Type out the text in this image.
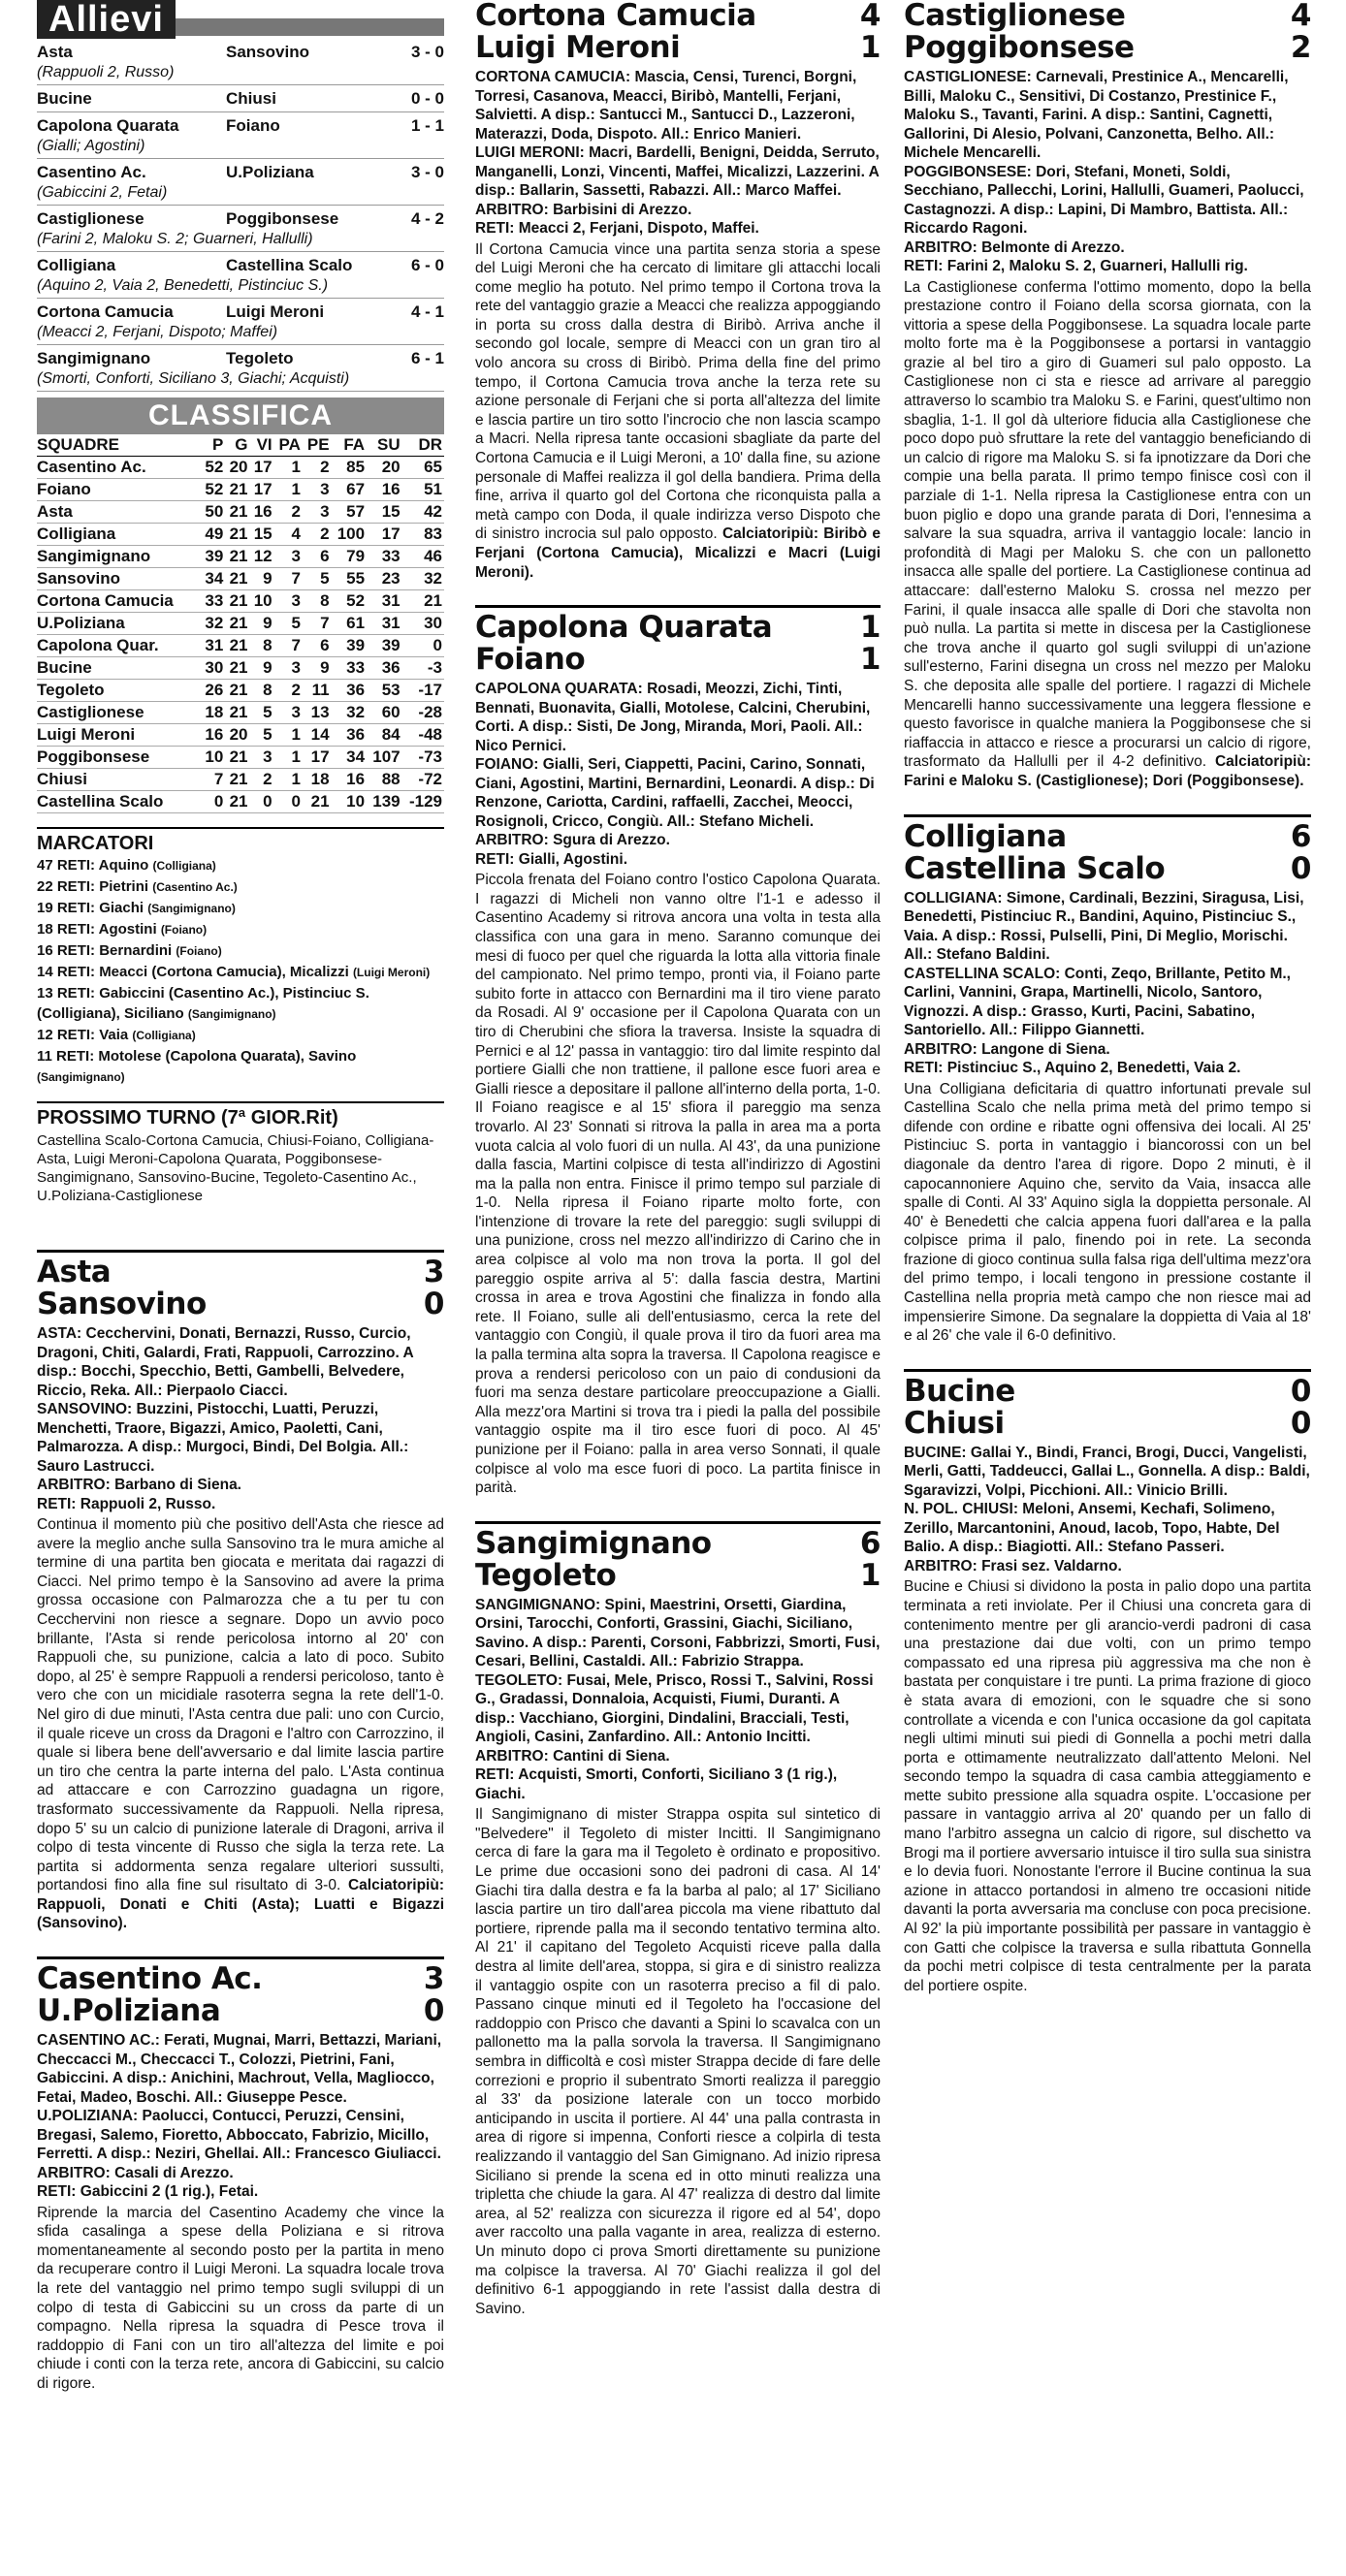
Allievi
Asta	Sansovino	3 - 0
(Rappuoli 2, Russo)
Bucine	Chiusi	0 - 0
Capolona Quarata	Foiano	1 - 1
(Gialli; Agostini)
Casentino Ac.	U.Poliziana	3 - 0
(Gabiccini 2, Fetai)
Castiglionese	Poggibonsese	4 - 2
(Farini 2, Maloku S. 2; Guarneri, Hallulli)
Colligiana	Castellina Scalo	6 - 0
(Aquino 2, Vaia 2, Benedetti, Pistinciuc S.)
Cortona Camucia	Luigi Meroni	4 - 1
(Meacci 2, Ferjani, Dispoto; Maffei)
Sangimignano	Tegoleto	6 - 1
(Smorti, Conforti, Siciliano 3, Giachi; Acquisti)
CLASSIFICA
SQUADRE	P	G	VI	PA	PE	FA	SU	DR
Casentino Ac.	52	20	17	1	2	85	20	65
Foiano	52	21	17	1	3	67	16	51
Asta	50	21	16	2	3	57	15	42
Colligiana	49	21	15	4	2	100	17	83
Sangimignano	39	21	12	3	6	79	33	46
Sansovino	34	21	9	7	5	55	23	32
Cortona Camucia	33	21	10	3	8	52	31	21
U.Poliziana	32	21	9	5	7	61	31	30
Capolona Quar.	31	21	8	7	6	39	39	0
Bucine	30	21	9	3	9	33	36	-3
Tegoleto	26	21	8	2	11	36	53	-17
Castiglionese	18	21	5	3	13	32	60	-28
Luigi Meroni	16	20	5	1	14	36	84	-48
Poggibonsese	10	21	3	1	17	34	107	-73
Chiusi	7	21	2	1	18	16	88	-72
Castellina Scalo	0	21	0	0	21	10	139	-129
MARCATORI
47 RETI: Aquino (Colligiana)
22 RETI: Pietrini (Casentino Ac.)
19 RETI: Giachi (Sangimignano)
18 RETI: Agostini (Foiano)
16 RETI: Bernardini (Foiano)
14 RETI: Meacci (Cortona Camucia), Micalizzi (Luigi Meroni)
13 RETI: Gabiccini (Casentino Ac.), Pistinciuc S. (Colligiana), Siciliano (Sangimignano)
12 RETI: Vaia (Colligiana)
11 RETI: Motolese (Capolona Quarata), Savino (Sangimignano)
PROSSIMO TURNO (7ª GIOR.Rit)
Castellina Scalo-Cortona Camucia, Chiusi-Foiano, Colligiana-Asta, Luigi Meroni-Capolona Quarata, Poggibonsese-Sangimignano, Sansovino-Bucine, Tegoleto-Casentino Ac., U.Poliziana-Castiglionese
Asta	3
Sansovino	0
ASTA: Cecchervini, Donati, Bernazzi, Russo, Curcio, Dragoni, Chiti, Galardi, Frati, Rappuoli, Carrozzino. A disp.: Bocchi, Specchio, Betti, Gambelli, Belvedere, Riccio, Reka. All.: Pierpaolo Ciacci.
SANSOVINO: Buzzini, Pistocchi, Luatti, Peruzzi, Menchetti, Traore, Bigazzi, Amico, Paoletti, Cani, Palmarozza. A disp.: Murgoci, Bindi, Del Bolgia. All.: Sauro Lastrucci.
ARBITRO: Barbano di Siena.
RETI: Rappuoli 2, Russo.
Continua il momento più che positivo dell'Asta che riesce ad avere la meglio anche sulla Sansovino tra le mura amiche al termine di una partita ben giocata e meritata dai ragazzi di Ciacci. Nel primo tempo è la Sansovino ad avere la prima grossa occasione con Palmarozza che a tu per tu con Cecchervini non riesce a segnare. Dopo un avvio poco brillante, l'Asta si rende pericolosa intorno al 20' con Rappuoli che, su punizione, calcia a lato di poco. Subito dopo, al 25' è sempre Rappuoli a rendersi pericoloso, tanto è vero che con un micidiale rasoterra segna la rete dell'1-0. Nel giro di due minuti, l'Asta centra due pali: uno con Curcio, il quale riceve un cross da Dragoni e l'altro con Carrozzino, il quale si libera bene dell'avversario e dal limite lascia partire un tiro che centra la parte interna del palo. L'Asta continua ad attaccare e con Carrozzino guadagna un rigore, trasformato successivamente da Rappuoli. Nella ripresa, dopo 5' su un calcio di punizione laterale di Dragoni, arriva il colpo di testa vincente di Russo che sigla la terza rete. La partita si addormenta senza regalare ulteriori sussulti, portandosi fino alla fine sul risultato di 3-0. Calciatoripiù: Rappuoli, Donati e Chiti (Asta); Luatti e Bigazzi (Sansovino).
Casentino Ac.	3
U.Poliziana	0
CASENTINO AC.: Ferati, Mugnai, Marri, Bettazzi, Mariani, Checcacci M., Checcacci T., Colozzi, Pietrini, Fani, Gabiccini. A disp.: Anichini, Machrout, Vella, Magliocco, Fetai, Madeo, Boschi. All.: Giuseppe Pesce.
U.POLIZIANA: Paolucci, Contucci, Peruzzi, Censini, Bregasi, Salemo, Fioretto, Abboccato, Fabrizio, Micillo, Ferretti. A disp.: Neziri, Ghellai. All.: Francesco Giuliacci.
ARBITRO: Casali di Arezzo.
RETI: Gabiccini 2 (1 rig.), Fetai.
Riprende la marcia del Casentino Academy che vince la sfida casalinga a spese della Poliziana e si ritrova momentaneamente al secondo posto per la partita in meno da recuperare contro il Luigi Meroni. La squadra locale trova la rete del vantaggio nel primo tempo sugli sviluppi di un colpo di testa di Gabiccini su un cross da parte di un compagno. Nella ripresa la squadra di Pesce trova il raddoppio di Fani con un tiro all'altezza del limite e poi chiude i conti con la terza rete, ancora di Gabiccini, su calcio di rigore.
Cortona Camucia	4
Luigi Meroni	1
CORTONA CAMUCIA: Mascia, Censi, Turenci, Borgni, Torresi, Casanova, Meacci, Biribò, Mantelli, Ferjani, Salvietti. A disp.: Santucci M., Santucci D., Lazzeroni, Materazzi, Doda, Dispoto. All.: Enrico Manieri.
LUIGI MERONI: Macri, Bardelli, Benigni, Deidda, Serruto, Manganelli, Lonzi, Vincenti, Maffei, Micalizzi, Lazzerini. A disp.: Ballarin, Sassetti, Rabazzi. All.: Marco Maffei.
ARBITRO: Barbisini di Arezzo.
RETI: Meacci 2, Ferjani, Dispoto, Maffei.
Il Cortona Camucia vince una partita senza storia a spese del Luigi Meroni che ha cercato di limitare gli attacchi locali come meglio ha potuto. Nel primo tempo il Cortona trova la rete del vantaggio grazie a Meacci che realizza appoggiando in porta su cross dalla destra di Biribò. Arriva anche il secondo gol locale, sempre di Meacci con un gran tiro al volo ancora su cross di Biribò. Prima della fine del primo tempo, il Cortona Camucia trova anche la terza rete su azione personale di Ferjani che si porta all'altezza del limite e lascia partire un tiro sotto l'incrocio che non lascia scampo a Macri. Nella ripresa tante occasioni sbagliate da parte del Cortona Camucia e il Luigi Meroni, a 10' dalla fine, su azione personale di Maffei realizza il gol della bandiera. Prima della fine, arriva il quarto gol del Cortona che riconquista palla a metà campo con Doda, il quale indirizza verso Dispoto che di sinistro incrocia sul palo opposto. Calciatoripiù: Biribò e Ferjani (Cortona Camucia), Micalizzi e Macri (Luigi Meroni).
Capolona Quarata	1
Foiano	1
CAPOLONA QUARATA: Rosadi, Meozzi, Zichi, Tinti, Bennati, Buonavita, Gialli, Motolese, Calcini, Cherubini, Corti. A disp.: Sisti, De Jong, Miranda, Mori, Paoli. All.: Nico Pernici.
FOIANO: Gialli, Seri, Ciappetti, Pacini, Carino, Sonnati, Ciani, Agostini, Martini, Bernardini, Leonardi. A disp.: Di Renzone, Cariotta, Cardini, raffaelli, Zacchei, Meocci, Rosignoli, Cricco, Congiù. All.: Stefano Micheli.
ARBITRO: Sgura di Arezzo.
RETI: Gialli, Agostini.
Piccola frenata del Foiano contro l'ostico Capolona Quarata. I ragazzi di Micheli non vanno oltre l'1-1 e adesso il Casentino Academy si ritrova ancora una volta in testa alla classifica con una gara in meno. Saranno comunque dei mesi di fuoco per quel che riguarda la lotta alla vittoria finale del campionato. Nel primo tempo, pronti via, il Foiano parte subito forte in attacco con Bernardini ma il tiro viene parato da Rosadi. Al 9' occasione per il Capolona Quarata con un tiro di Cherubini che sfiora la traversa. Insiste la squadra di Pernici e al 12' passa in vantaggio: tiro dal limite respinto dal portiere Gialli che non trattiene, il pallone esce fuori area e Gialli riesce a depositare il pallone all'interno della porta, 1-0. Il Foiano reagisce e al 15' sfiora il pareggio ma senza trovarlo. Al 23' Sonnati si ritrova la palla in area ma a porta vuota calcia al volo fuori di un nulla. Al 43', da una punizione dalla fascia, Martini colpisce di testa all'indirizzo di Agostini ma la palla non entra. Finisce il primo tempo sul parziale di 1-0. Nella ripresa il Foiano riparte molto forte, con l'intenzione di trovare la rete del pareggio: sugli sviluppi di una punizione, cross nel mezzo all'indirizzo di Carino che in area colpisce al volo ma non trova la porta. Il gol del pareggio ospite arriva al 5': dalla fascia destra, Martini crossa in area e trova Agostini che finalizza in fondo alla rete. Il Foiano, sulle ali dell'entusiasmo, cerca la rete del vantaggio con Congiù, il quale prova il tiro da fuori area ma la palla termina alta sopra la traversa. Il Capolona reagisce e prova a rendersi pericoloso con un paio di condusioni da fuori ma senza destare particolare preoccupazione a Gialli. Alla mezz'ora Martini si trova tra i piedi la palla del possibile vantaggio ospite ma il tiro esce fuori di poco. Al 45' punizione per il Foiano: palla in area verso Sonnati, il quale colpisce al volo ma esce fuori di poco. La partita finisce in parità.
Sangimignano	6
Tegoleto	1
SANGIMIGNANO: Spini, Maestrini, Orsetti, Giardina, Orsini, Tarocchi, Conforti, Grassini, Giachi, Siciliano, Savino. A disp.: Parenti, Corsoni, Fabbrizzi, Smorti, Fusi, Cesari, Bellini, Castaldi. All.: Fabrizio Strappa.
TEGOLETO: Fusai, Mele, Prisco, Rossi T., Salvini, Rossi G., Gradassi, Donnaloia, Acquisti, Fiumi, Duranti. A disp.: Vacchiano, Giorgini, Dindalini, Bracciali, Testi, Angioli, Casini, Zanfardino. All.: Antonio Incitti.
ARBITRO: Cantini di Siena.
RETI: Acquisti, Smorti, Conforti, Siciliano 3 (1 rig.), Giachi.
Il Sangimignano di mister Strappa ospita sul sintetico di "Belvedere" il Tegoleto di mister Incitti. Il Sangimignano cerca di fare la gara ma il Tegoleto è ordinato e propositivo. Le prime due occasioni sono dei padroni di casa. Al 14' Giachi tira dalla destra e fa la barba al palo; al 17' Siciliano lascia partire un tiro dall'area piccola ma viene ribattuto dal portiere, riprende palla ma il secondo tentativo termina alto. Al 21' il capitano del Tegoleto Acquisti riceve palla dalla destra al limite dell'area, stoppa, si gira e di sinistro realizza il vantaggio ospite con un rasoterra preciso a fil di palo. Passano cinque minuti ed il Tegoleto ha l'occasione del raddoppio con Prisco che davanti a Spini lo scavalca con un pallonetto ma la palla sorvola la traversa. Il Sangimignano sembra in difficoltà e così mister Strappa decide di fare delle correzioni e proprio il subentrato Smorti realizza il pareggio al 33' da posizione laterale con un tocco morbido anticipando in uscita il portiere. Al 44' una palla contrasta in area di rigore si impenna, Conforti riesce a colpirla di testa realizzando il vantaggio del San Gimignano. Ad inizio ripresa Siciliano si prende la scena ed in otto minuti realizza una tripletta che chiude la gara. Al 47' realizza di destro dal limite area, al 52' realizza con sicurezza il rigore ed al 54', dopo aver raccolto una palla vagante in area, realizza di esterno. Un minuto dopo ci prova Smorti direttamente su punizione ma colpisce la traversa. Al 70' Giachi realizza il gol del definitivo 6-1 appoggiando in rete l'assist dalla destra di Savino.
Castiglionese	4
Poggibonsese	2
CASTIGLIONESE: Carnevali, Prestinice A., Mencarelli, Billi, Maloku C., Sensitivi, Di Costanzo, Prestinice F., Maloku S., Tavanti, Farini. A disp.: Santini, Cagnetti, Gallorini, Di Alesio, Polvani, Canzonetta, Belho. All.: Michele Mencarelli.
POGGIBONSESE: Dori, Stefani, Moneti, Soldi, Secchiano, Pallecchi, Lorini, Hallulli, Guameri, Paolucci, Castagnozzi. A disp.: Lapini, Di Mambro, Battista. All.: Riccardo Ragoni.
ARBITRO: Belmonte di Arezzo.
RETI: Farini 2, Maloku S. 2, Guarneri, Hallulli rig.
La Castiglionese conferma l'ottimo momento, dopo la bella prestazione contro il Foiano della scorsa giornata, con la vittoria a spese della Poggibonsese. La squadra locale parte molto forte ma è la Poggibonsese a portarsi in vantaggio grazie al bel tiro a giro di Guameri sul palo opposto. La Castiglionese non ci sta e riesce ad arrivare al pareggio attraverso lo scambio tra Maloku S. e Farini, quest'ultimo non sbaglia, 1-1. Il gol dà ulteriore fiducia alla Castiglionese che poco dopo può sfruttare la rete del vantaggio beneficiando di un calcio di rigore ma Maloku S. si fa ipnotizzare da Dori che compie una bella parata. Il primo tempo finisce così con il parziale di 1-1. Nella ripresa la Castiglionese entra con un buon piglio e dopo una grande parata di Dori, l'ennesima a salvare la sua squadra, arriva il vantaggio locale: lancio in profondità di Magi per Maloku S. che con un pallonetto insacca alle spalle del portiere. La Castiglionese continua ad attaccare: dall'esterno Maloku S. crossa nel mezzo per Farini, il quale insacca alle spalle di Dori che stavolta non può nulla. La partita si mette in discesa per la Castiglionese che trova anche il quarto gol sugli sviluppi di un'azione sull'esterno, Farini disegna un cross nel mezzo per Maloku S. che deposita alle spalle del portiere. I ragazzi di Michele Mencarelli hanno successivamente una leggera flessione e questo favorisce in qualche maniera la Poggibonsese che si riaffaccia in attacco e riesce a procurarsi un calcio di rigore, trasformato da Hallulli per il 4-2 definitivo. Calciatoripiù: Farini e Maloku S. (Castiglionese); Dori (Poggibonsese).
Colligiana	6
Castellina Scalo	0
COLLIGIANA: Simone, Cardinali, Bezzini, Siragusa, Lisi, Benedetti, Pistinciuc R., Bandini, Aquino, Pistinciuc S., Vaia. A disp.: Rossi, Pulselli, Pini, Di Meglio, Morischi. All.: Stefano Baldini.
CASTELLINA SCALO: Conti, Zeqo, Brillante, Petito M., Carlini, Vannini, Grapa, Martinelli, Nicolo, Santoro, Vignozzi. A disp.: Grasso, Kurti, Pacini, Sabatino, Santoriello. All.: Filippo Giannetti.
ARBITRO: Langone di Siena.
RETI: Pistinciuc S., Aquino 2, Benedetti, Vaia 2.
Una Colligiana deficitaria di quattro infortunati prevale sul Castellina Scalo che nella prima metà del primo tempo si difende con ordine e ribatte ogni offensiva dei locali. Al 25' Pistinciuc S. porta in vantaggio i biancorossi con un bel diagonale da dentro l'area di rigore. Dopo 2 minuti, è il capocannoniere Aquino che, servito da Vaia, insacca alle spalle di Conti. Al 33' Aquino sigla la doppietta personale. Al 40' è Benedetti che calcia appena fuori dall'area e la palla colpisce prima il palo, finendo poi in rete. La seconda frazione di gioco continua sulla falsa riga dell'ultima mezz'ora del primo tempo, i locali tengono in pressione costante il Castellina nella propria metà campo che non riesce mai ad impensierire Simone. Da segnalare la doppietta di Vaia al 18' e al 26' che vale il 6-0 definitivo.
Bucine	0
Chiusi	0
BUCINE: Gallai Y., Bindi, Franci, Brogi, Ducci, Vangelisti, Merli, Gatti, Taddeucci, Gallai L., Gonnella. A disp.: Baldi, Sgaravizzi, Volpi, Picchioni. All.: Vinicio Brilli.
N. POL. CHIUSI: Meloni, Ansemi, Kechafi, Solimeno, Zerillo, Marcantonini, Anoud, Iacob, Topo, Habte, Del Balio. A disp.: Biagiotti. All.: Stefano Passeri.
ARBITRO: Frasi sez. Valdarno.
Bucine e Chiusi si dividono la posta in palio dopo una partita terminata a reti inviolate. Per il Chiusi una concreta gara di contenimento mentre per gli arancio-verdi padroni di casa una prestazione dai due volti, con un primo tempo compassato ed una ripresa più aggressiva ma che non è bastata per conquistare i tre punti. La prima frazione di gioco è stata avara di emozioni, con le squadre che si sono controllate a vicenda e con l'unica occasione da gol capitata negli ultimi minuti sui piedi di Gonnella a pochi metri dalla porta e ottimamente neutralizzato dall'attento Meloni. Nel secondo tempo la squadra di casa cambia atteggiamento e mette subito pressione alla squadra ospite. L'occasione per passare in vantaggio arriva al 20' quando per un fallo di mano l'arbitro assegna un calcio di rigore, sul dischetto va Brogi ma il portiere avversario intuisce il tiro sulla sua sinistra e lo devia fuori. Nonostante l'errore il Bucine continua la sua azione in attacco portandosi in almeno tre occasioni nitide davanti la porta avversaria ma concluse con poca precisione. Al 92' la più importante possibilità per passare in vantaggio è con Gatti che colpisce la traversa e sulla ribattuta Gonnella da pochi metri colpisce di testa centralmente per la parata del portiere ospite.
